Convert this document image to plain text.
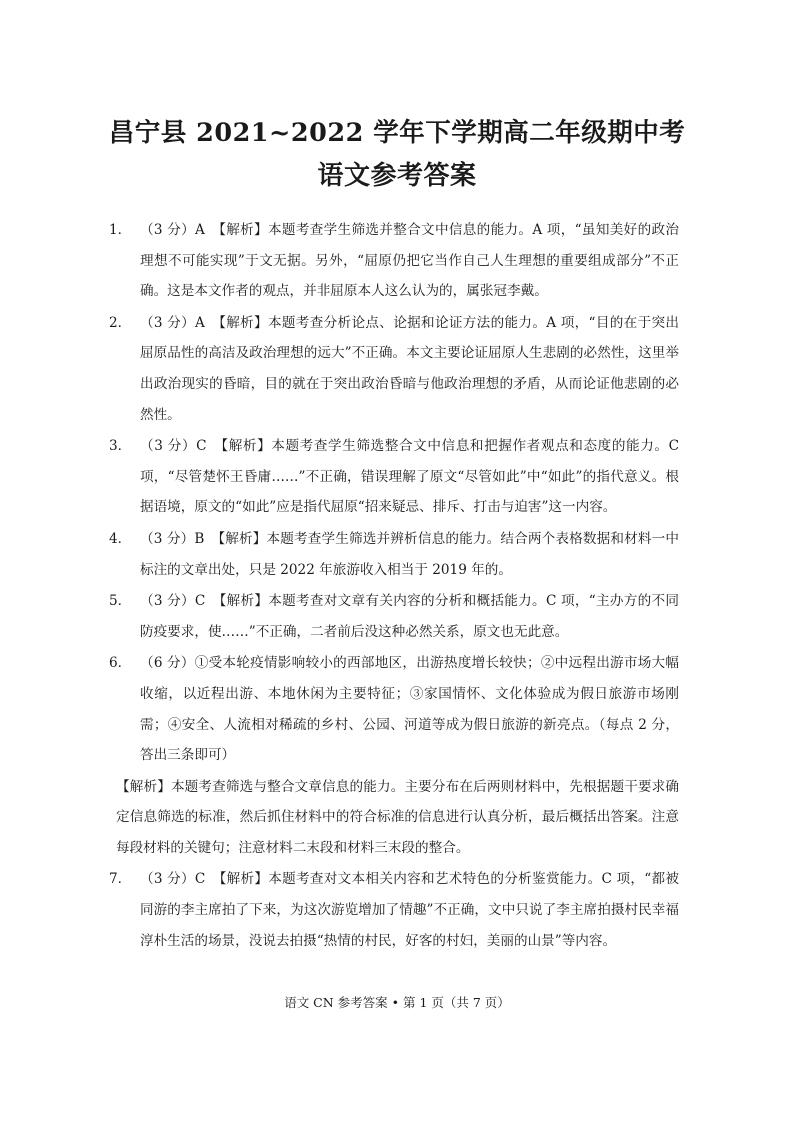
昌宁县 2021~2022 学年下学期高二年级期中考
语文参考答案
1． （3 分）A　【解析】本题考查学生筛选并整合文中信息的能力。A 项，“虽知美好的政治理想不可能实现”于文无据。另外，“屈原仍把它当作自己人生理想的重要组成部分”不正确。这是本文作者的观点，并非屈原本人这么认为的，属张冠李戴。
2． （3 分）A　【解析】本题考查分析论点、论据和论证方法的能力。A 项，“目的在于突出屈原品性的高洁及政治理想的远大”不正确。本文主要论证屈原人生悲剧的必然性，这里举出政治现实的昏暗，目的就在于突出政治昏暗与他政治理想的矛盾，从而论证他悲剧的必然性。
3． （3 分）C　【解析】本题考查学生筛选整合文中信息和把握作者观点和态度的能力。C 项，“尽管楚怀王昏庸……”不正确，错误理解了原文“尽管如此”中“如此”的指代意义。根据语境，原文的“如此”应是指代屈原“招来疑忌、排斥、打击与迫害”这一内容。
4． （3 分）B　【解析】本题考查学生筛选并辨析信息的能力。结合两个表格数据和材料一中标注的文章出处，只是 2022 年旅游收入相当于 2019 年的。
5． （3 分）C　【解析】本题考查对文章有关内容的分析和概括能力。C 项，“主办方的不同防疫要求，使……”不正确，二者前后没这种必然关系，原文也无此意。
6． （6 分）①受本轮疫情影响较小的西部地区，出游热度增长较快；②中远程出游市场大幅收缩，以近程出游、本地休闲为主要特征；③家国情怀、文化体验成为假日旅游市场刚需；④安全、人流相对稀疏的乡村、公园、河道等成为假日旅游的新亮点。（每点 2 分，答出三条即可）
【解析】本题考查筛选与整合文章信息的能力。主要分布在后两则材料中，先根据题干要求确定信息筛选的标准，然后抓住材料中的符合标准的信息进行认真分析，最后概括出答案。注意每段材料的关键句；注意材料二末段和材料三末段的整合。
7． （3 分）C　【解析】本题考查对文本相关内容和艺术特色的分析鉴赏能力。C 项，“都被同游的李主席拍了下来，为这次游览增加了情趣”不正确，文中只说了李主席拍摄村民幸福淳朴生活的场景，没说去拍摄“热情的村民，好客的村妇，美丽的山景”等内容。
语文 CN 参考答案 • 第 1 页（共 7 页）
